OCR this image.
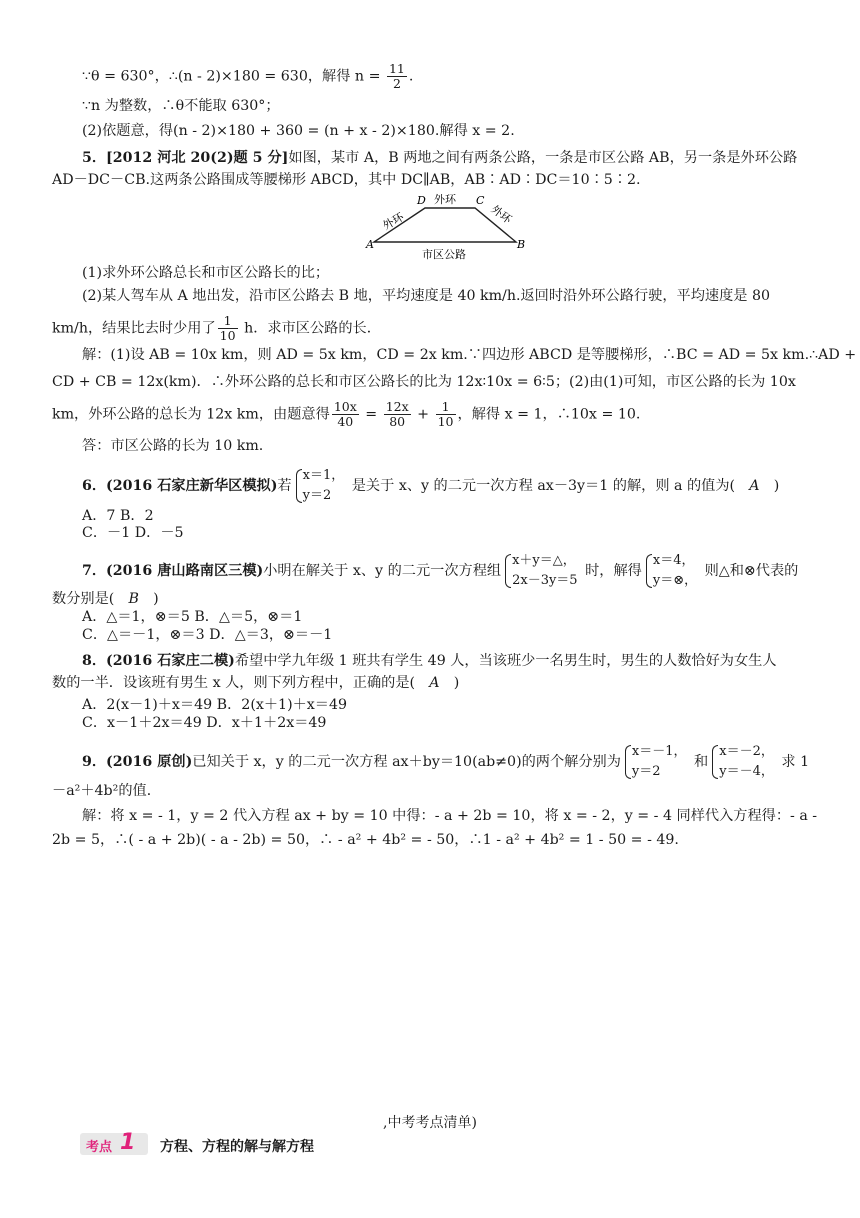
∵θ = 630°，∴(n - 2)×180 = 630，解得 $n = \frac{11}{2}$ .
∵n 为整数，∴θ不能取 630°；
(2)依题意，得(n - 2)×180 + 360 = (n + x - 2)×180.解得 x = 2.
5．[2012 河北 20(2)题 5 分]如图，某市 A，B 两地之间有两条公路，一条是市区公路 AB，另一条是外环公路
AD－DC－CB.这两条公路围成等腰梯形 ABCD，其中 DC∥AB，AB∶AD∶DC＝10∶5∶2.
A	B
C
D 外环
外环	外环
市区公路
(1)求外环公路总长和市区公路长的比；
(2)某人驾车从 A 地出发，沿市区公路去 B 地，平均速度是 40 km/h.返回时沿外环公路行驶，平均速度是 80
km/h，结果比去时少用了 $\frac{1}{10}$ h．求市区公路的长．
解：(1)设 AB = 10x km，则 AD = 5x km，CD = 2x km.∵四边形 ABCD 是等腰梯形，∴BC = AD = 5x km.∴AD +
CD + CB = 12x(km)．∴外环公路的总长和市区公路长的比为 12x∶10x = 6∶5；(2)由(1)可知，市区公路的长为 10x
km，外环公路的总长为 12x km，由题意得 $\frac{10x}{40} = \frac{12x}{80} + \frac{1}{10}$ ，解得 x = 1，∴10x = 10.
答：市区公路的长为 10 km.
6．(2016 石家庄新华区模拟)若
x＝1，
y＝2
是关于 x、y 的二元一次方程 ax－3y＝1 的解，则 a 的值为(　A　)
A．7 B．2
C．－1 D．－5
7．(2016 唐山路南区三模)小明在解关于 x、y 的二元一次方程组
x＋y＝△，
2x－3y＝5
时，解得
x＝4，
y＝⊗，
则△和⊗代表的
数分别是(　B　)
A．△＝1，⊗＝5 B．△＝5，⊗＝1
C．△＝－1，⊗＝3 D．△＝3，⊗＝－1
8．(2016 石家庄二模)希望中学九年级 1 班共有学生 49 人，当该班少一名男生时，男生的人数恰好为女生人
数的一半．设该班有男生 x 人，则下列方程中，正确的是(　A　)
A．2(x－1)＋x＝49 B．2(x＋1)＋x＝49
C．x－1＋2x＝49 D．x＋1＋2x＝49
9．(2016 原创)已知关于 x，y 的二元一次方程 ax＋by＝10(ab≠0)的两个解分别为
x＝－1，
y＝2
和
x＝－2，
y＝－4，
求 1
－a²＋4b²的值．
解：将 x = - 1，y = 2 代入方程 ax + by = 10 中得：- a + 2b = 10，将 x = - 2，y = - 4 同样代入方程得：- a -
2b = 5，∴( - a + 2b)( - a - 2b) = 50，∴ - a² + 4b² = - 50，∴1 - a² + 4b² = 1 - 50 = - 49.
,中考考点清单)
考点 1 方程、方程的解与解方程
